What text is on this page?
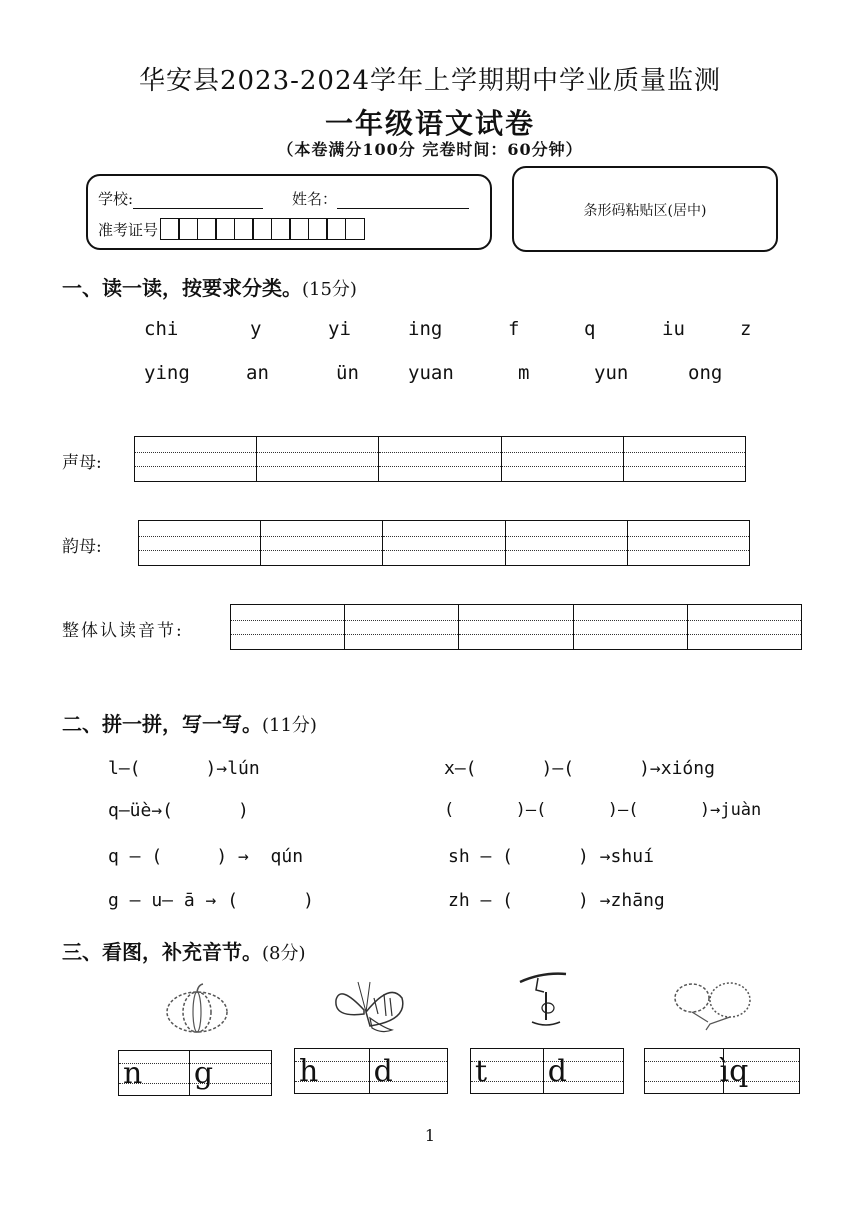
华安县2023-2024学年上学期期中学业质量监测
一年级语文试卷
（本卷满分100分 完卷时间：60分钟）
学校:	姓名：
准考证号
条形码粘贴区(居中)
一、读一读，按要求分类。(15分)
chi	y	yi	ing	f	q	iu	z
ying	an	ün	yuan	m	yun	ong
声母:
韵母:
整体认读音节:
二、拼一拼，写一写。(11分)
l—(      )→lún
q—üè→(      )
q — (     ) →  qún
g — u— ā → (      )
x—(      )—(      )→xióng
(      )—(      )—(      )→juàn
sh — (      ) →shuí
zh — (      ) →zhāng
三、看图，补充音节。(8分)
n g	h d	t d	ì q
1
